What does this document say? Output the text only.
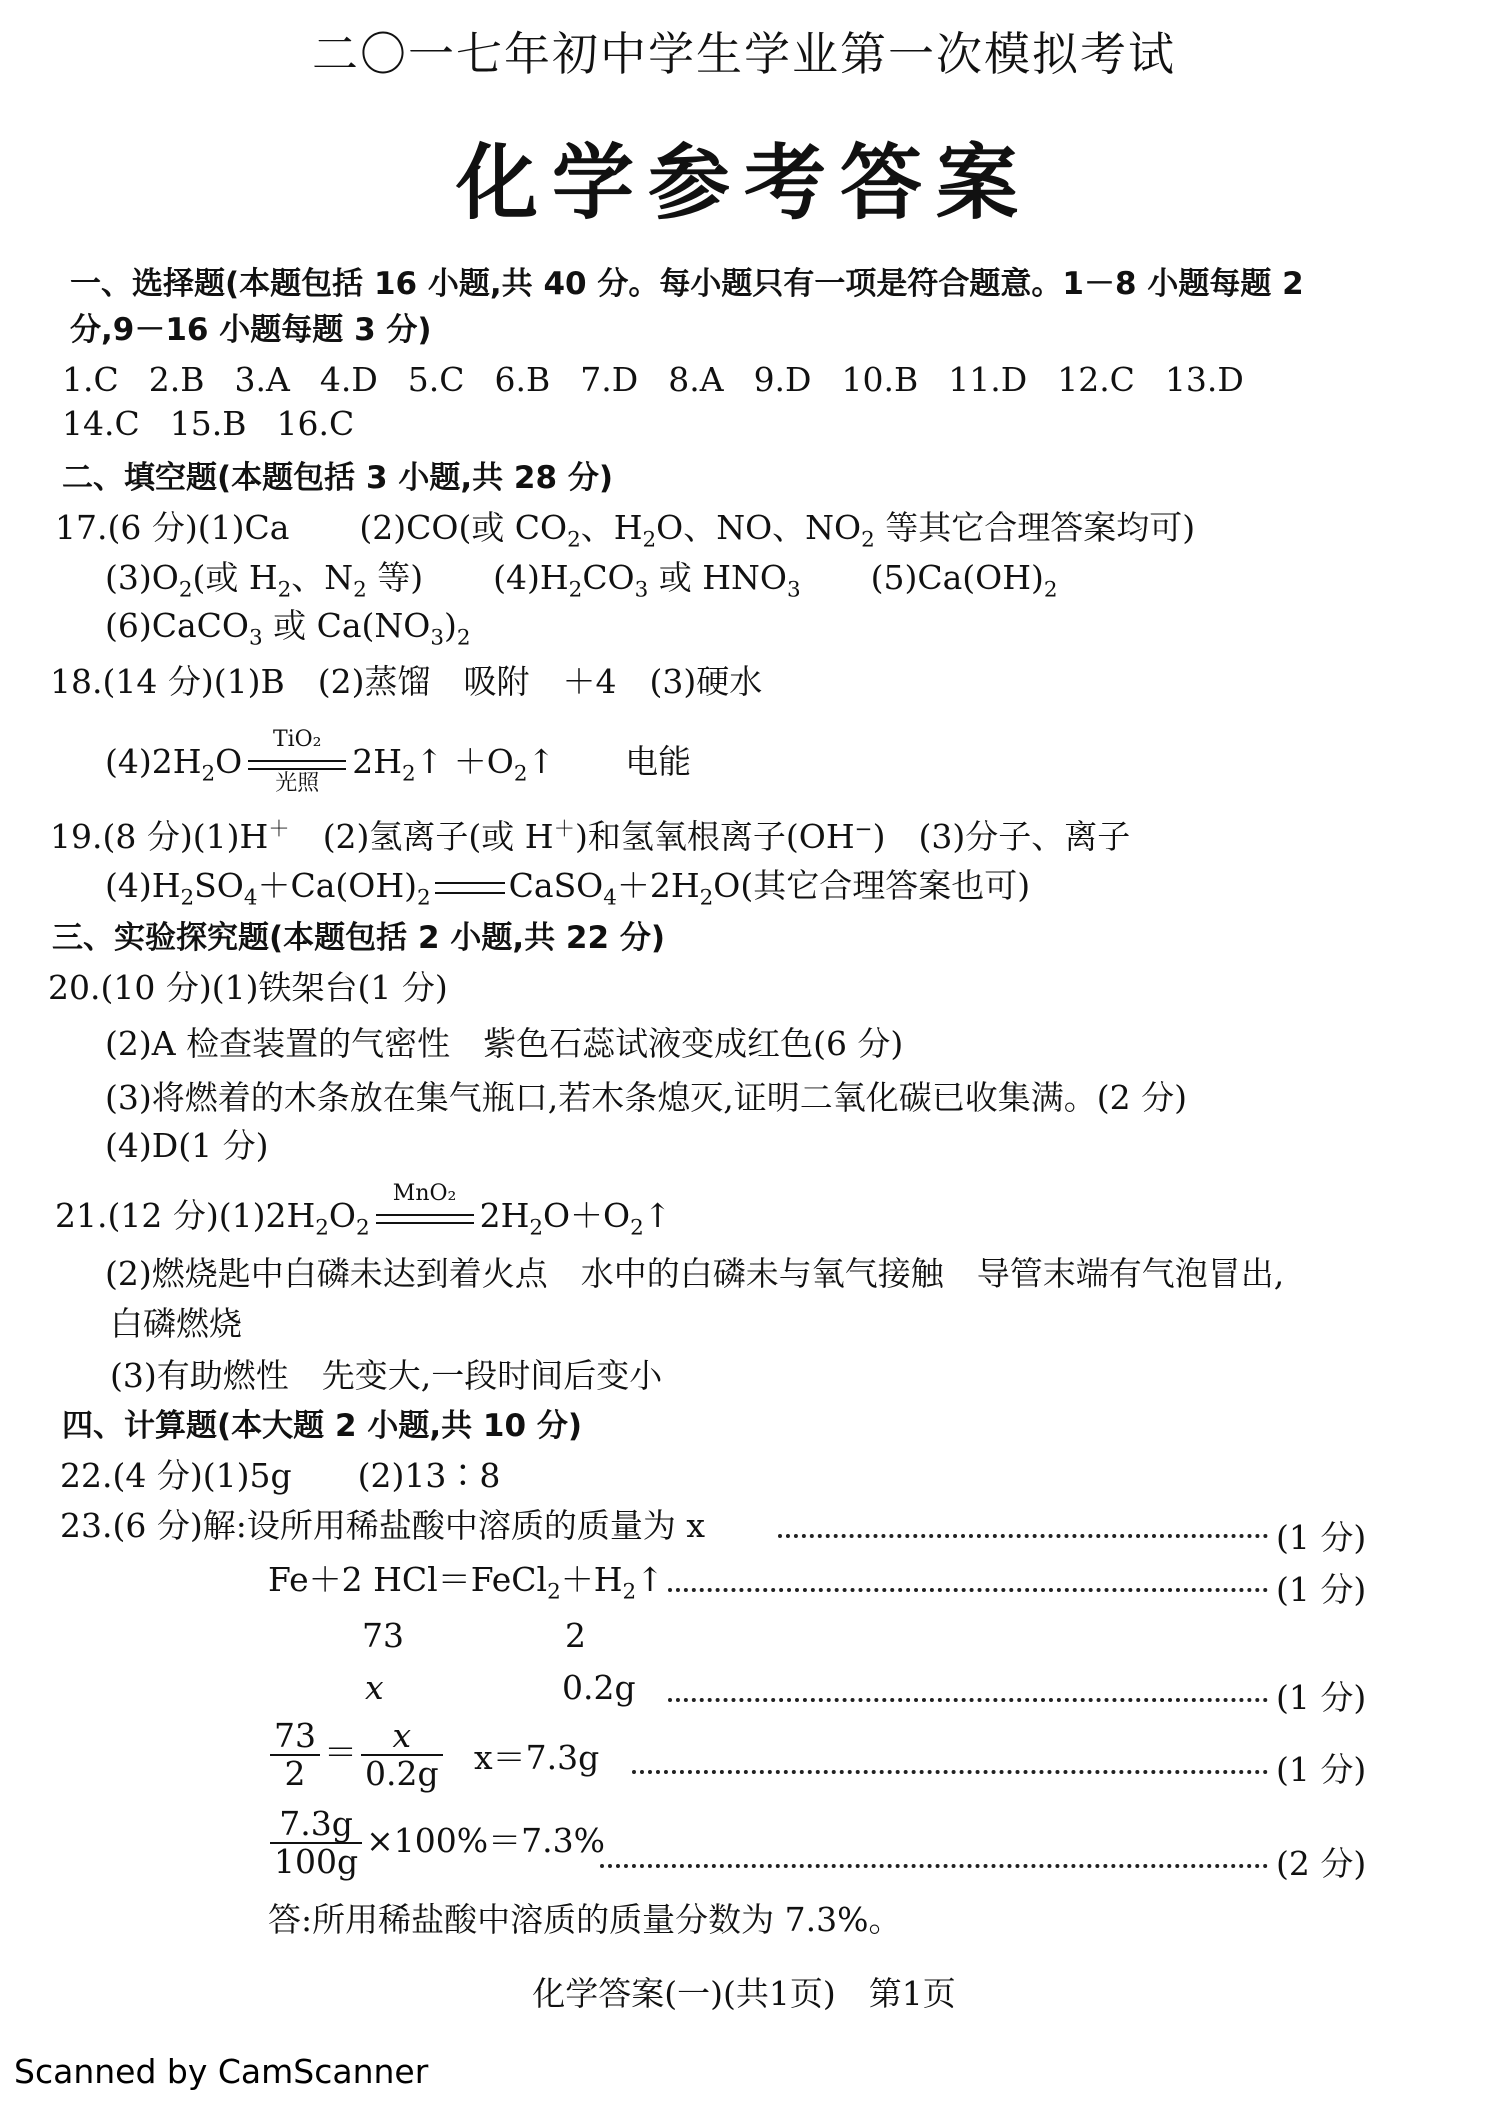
二〇一七年初中学生学业第一次模拟考试
化学参考答案
一、选择题(本题包括 16 小题,共 40 分。每小题只有一项是符合题意。1－8 小题每题 2
分,9－16 小题每题 3 分)
1.C 2.B 3.A 4.D 5.C 6.B 7.D 8.A 9.D 10.B 11.D 12.C 13.D
14.C 15.B 16.C
二、填空题(本题包括 3 小题,共 28 分)
17.(6 分)(1)Ca (2)CO(或 $CO_2$、$H_2O$、NO、$NO_2$ 等其它合理答案均可)
$(3)O_2$(或 $H_2$、$N_2$ 等) $(4)H_2CO_3$ 或 $HNO_3$ $(5)Ca(OH)_2$
(6)CaCO$_3$ 或 $Ca(NO_3)_2$
18.(14 分)(1)B　(2)蒸馏　吸附　＋4　(3)硬水
$(4)2H_2O$
TiO₂
光照
$2H_2↑$ $+O_2↑$ 电能
19.(8 分)(1)H＋　(2)氢离子(或 H＋)和氢氧根离子(OH−)　(3)分子、离子
$(4)H_2SO_4+Ca(OH)_2$ $CaSO_4+2H_2O$(其它合理答案也可)
三、实验探究题(本题包括 2 小题,共 22 分)
20.(10 分)(1)铁架台(1 分)
(2)A 检查装置的气密性　紫色石蕊试液变成红色(6 分)
(3)将燃着的木条放在集气瓶口,若木条熄灭,证明二氧化碳已收集满。(2 分)
(4)D(1 分)
21.(12 分)$(1)2H_2O_2$
MnO₂
$2H_2O+O_2↑$
(2)燃烧匙中白磷未达到着火点　水中的白磷未与氧气接触　导管末端有气泡冒出,
白磷燃烧
(3)有助燃性　先变大,一段时间后变小
四、计算题(本大题 2 小题,共 10 分)
22.(4 分)(1)5g　　(2)13∶8
23.(6 分)解:设所用稀盐酸中溶质的质量为 x	(1 分)
Fe＋2 $HCl=FeCl_2+H_2↑$	(1 分)
73	2
x	0.2g	(1 分)
$\frac{73}{2} = \frac{x}{0.2g} x=7.3g$	(1 分)
$\frac{7.3g}{100g} \times 100\%=7.3\%$
(2 分)
答:所用稀盐酸中溶质的质量分数为 7.3%。
化学答案(一)(共1页)　第1页
Scanned by CamScanner
